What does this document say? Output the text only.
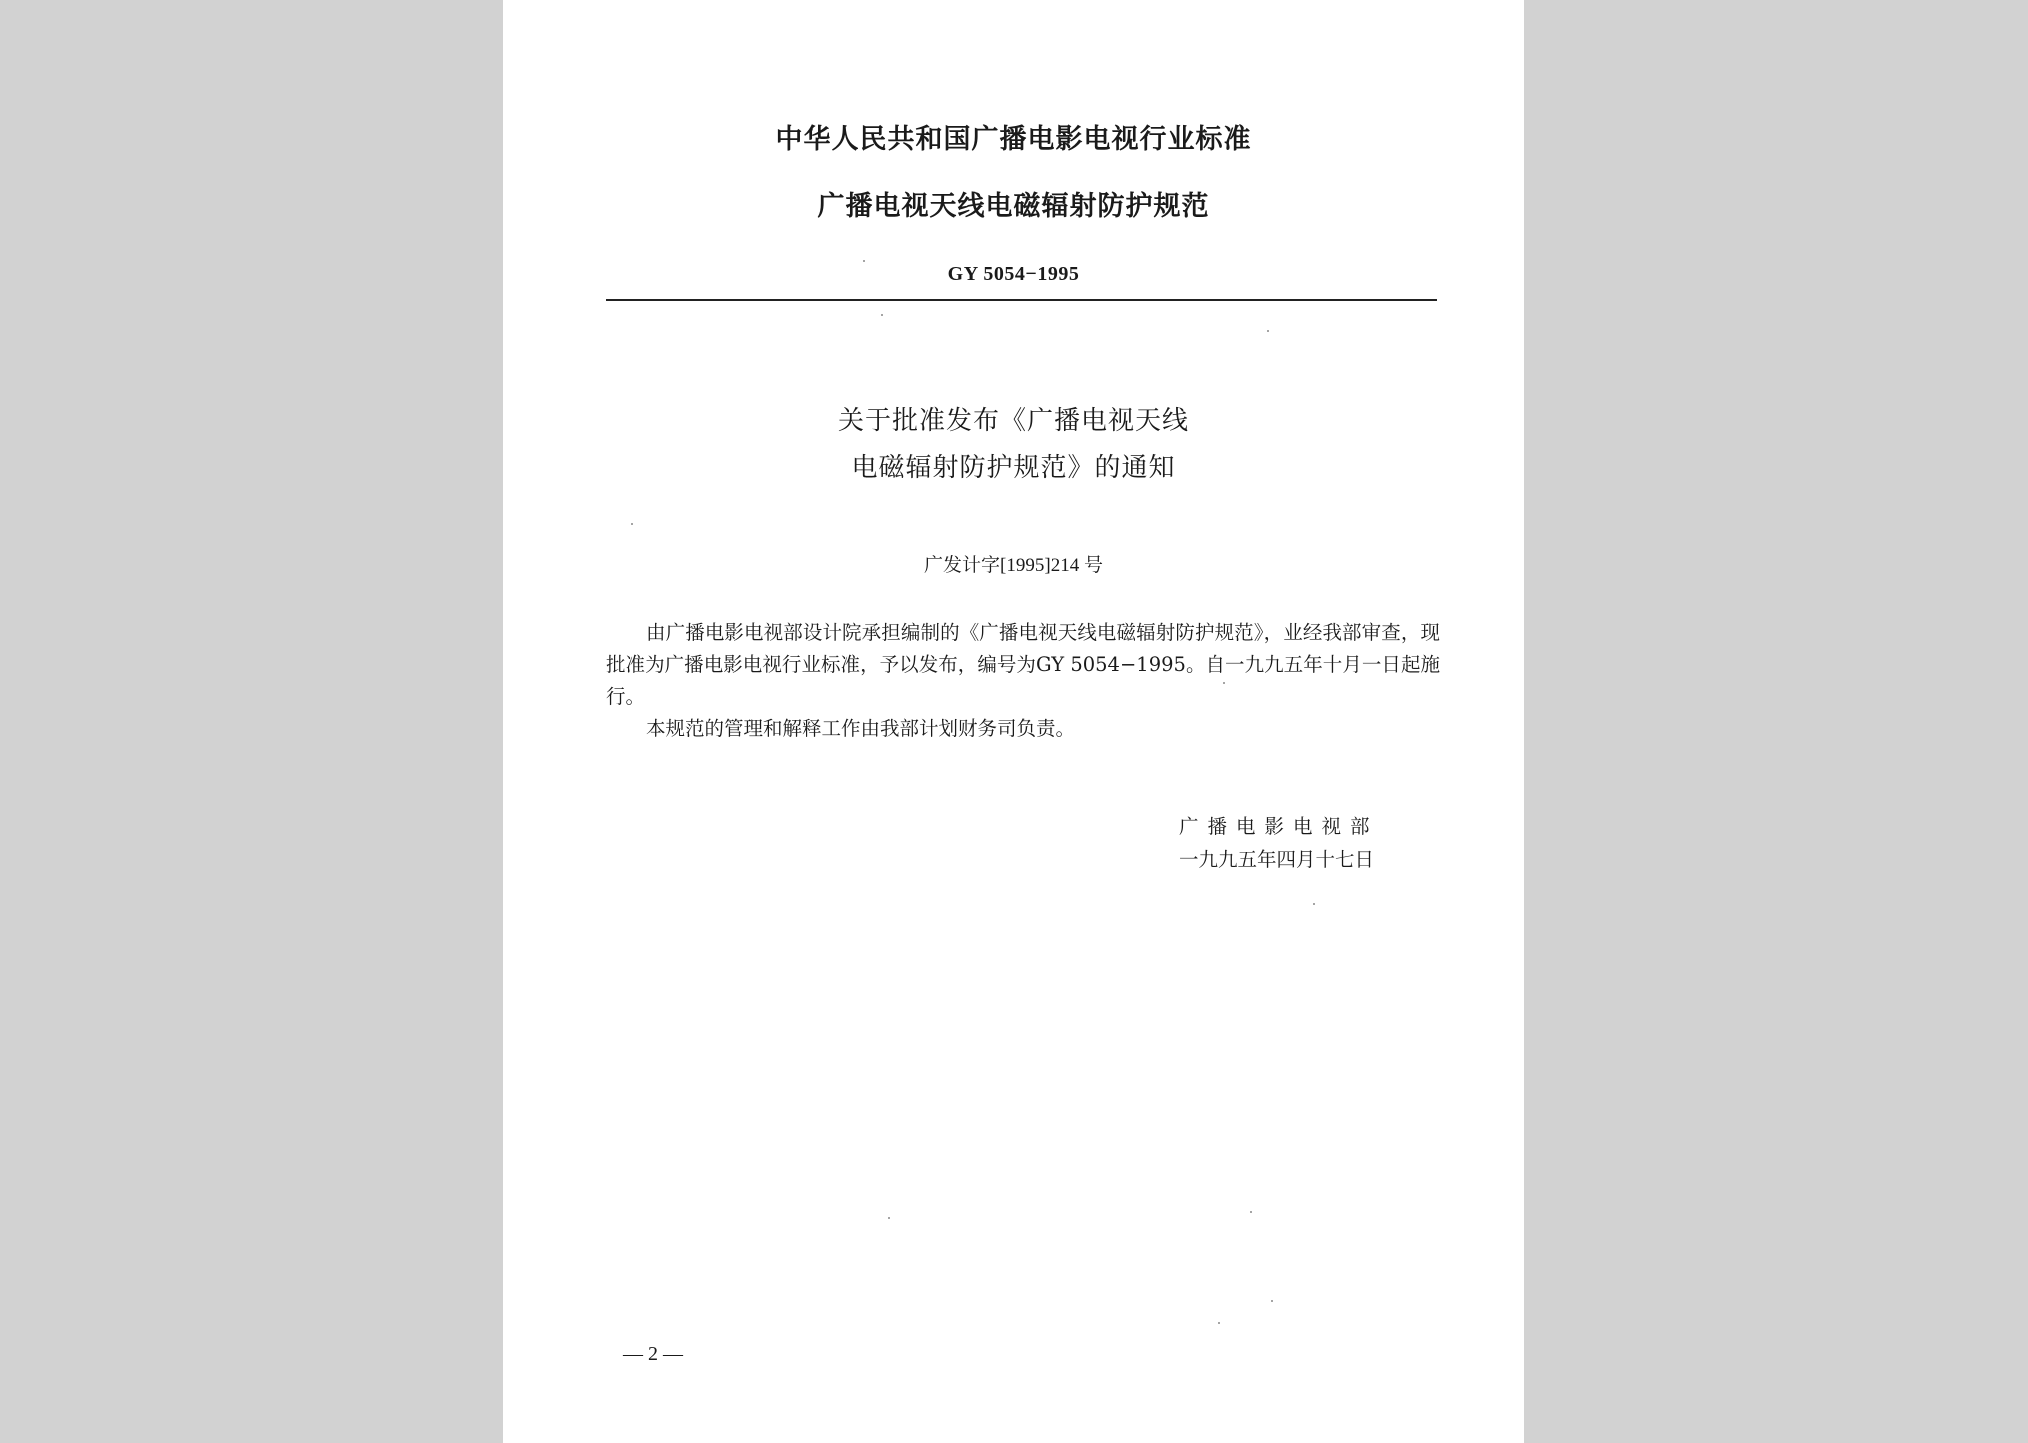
中华人民共和国广播电影电视行业标准
广播电视天线电磁辐射防护规范
GY 5054−1995
关于批准发布《广播电视天线
电磁辐射防护规范》的通知
广发计字[1995]214 号

由广播电影电视部设计院承担编制的《广播电视天线电磁辐射防护规范》，业经我部审查，现批准为广播电影电视行业标准，予以发布，编号为GY 5054−1995。自一九九五年十月一日起施行。

本规范的管理和解释工作由我部计划财务司负责。

广播电影电视部
一九九五年四月十七日
— 2 —
